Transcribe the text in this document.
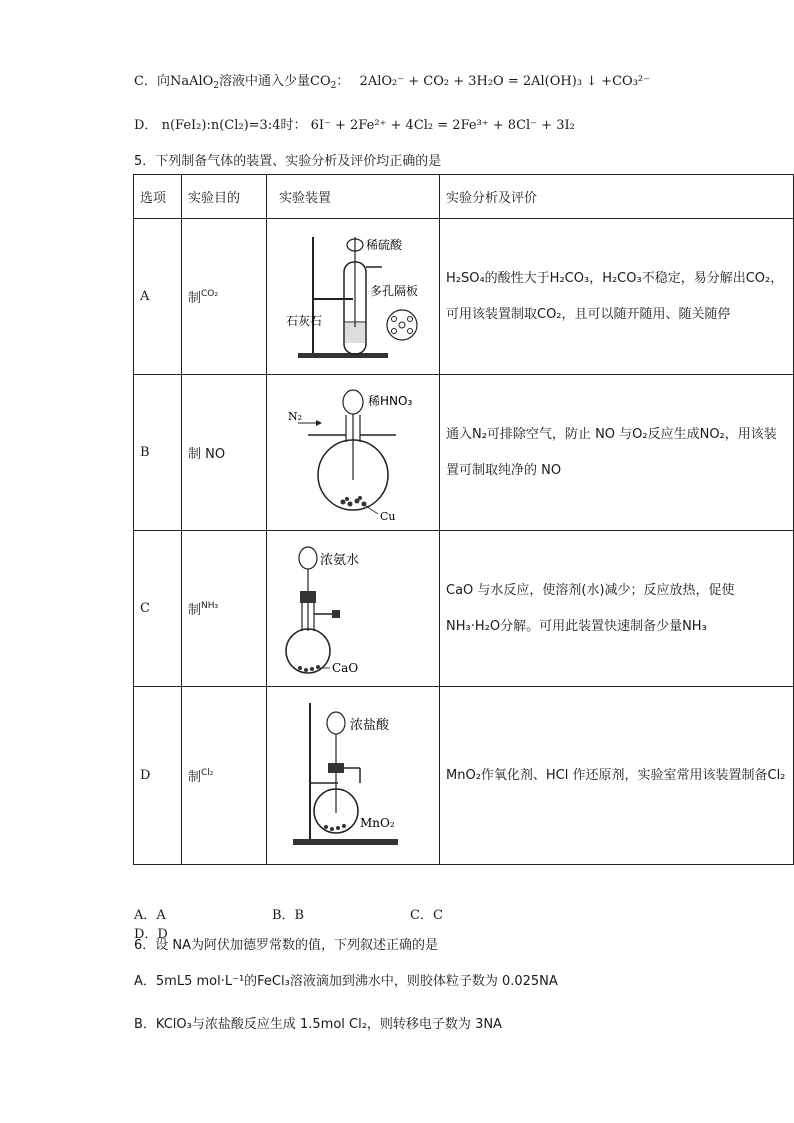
C．向NaAlO$_2$溶液中通入少量$CO_2$： 2AlO₂⁻ + CO₂ + 3H₂O = 2Al(OH)₃ ↓ +CO₃²⁻
D． n(FeI₂):n(Cl₂)=3:4时： 6I⁻ + 2Fe²⁺ + 4Cl₂ = 2Fe³⁺ + 8Cl⁻ + 3I₂
5．下列制备气体的装置、实验分析及评价均正确的是
选项	实验目的	实验装置	实验分析及评价
A	制$^{CO_2}$	稀硫酸
多孔隔板
石灰石	H₂SO₄的酸性大于H₂CO₃，H₂CO₃不稳定，易分解出CO₂，可用该装置制取CO₂，且可以随开随用、随关随停
B	制 NO	稀HNO₃
N₂
Cu	通入N₂可排除空气，防止 NO 与O₂反应生成NO₂，用该装置可制取纯净的 NO
C	制$^{NH_3}$	浓氨水
CaO	CaO 与水反应，使溶剂(水)减少；反应放热，促使NH₃·H₂O分解。可用此装置快速制备少量NH₃
D	制$^{Cl_2}$	浓盐酸
MnO₂	MnO₂作氧化剂、HCl 作还原剂，实验室常用该装置制备Cl₂
A．A	B．B	C．CD．D
6．设 NA为阿伏加德罗常数的值，下列叙述正确的是
A．5mL5 mol·L⁻¹的FeCl₃溶液滴加到沸水中，则胶体粒子数为 0.025NA
B．KClO₃与浓盐酸反应生成 1.5mol Cl₂，则转移电子数为 3NA
